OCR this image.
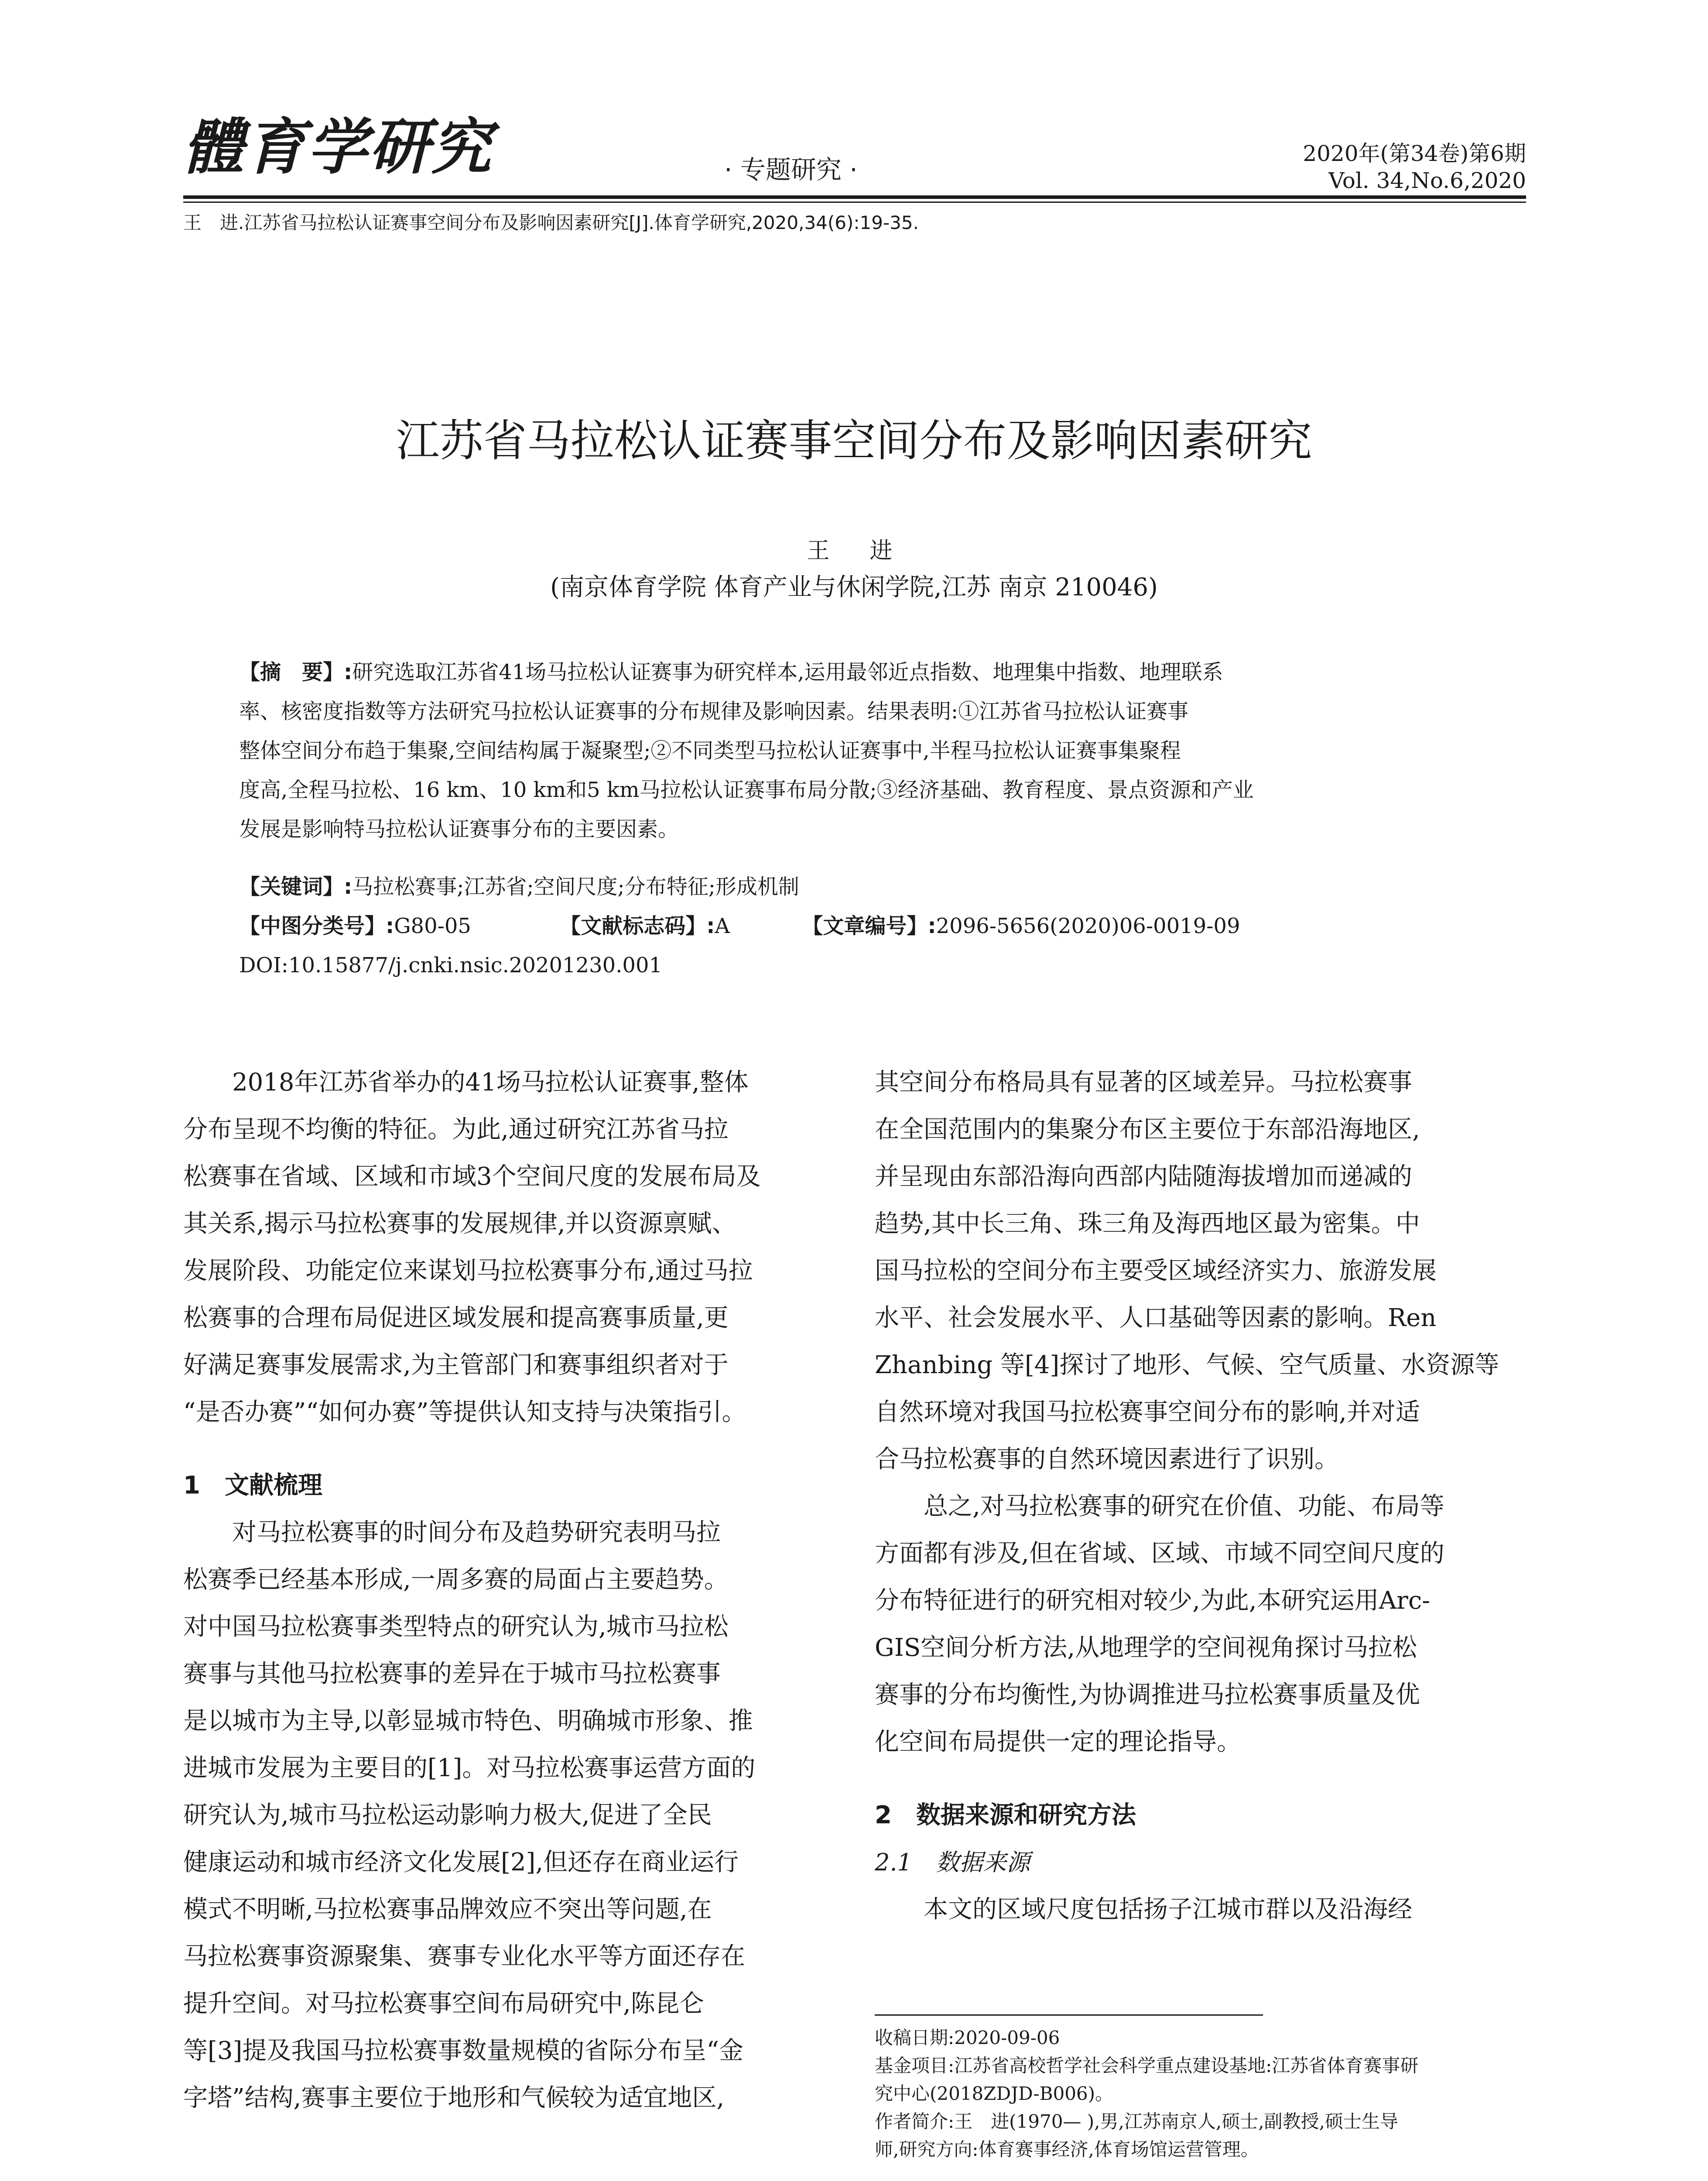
體育学研究	· 专题研究 ·
2020年(第34卷)第6期
Vol. 34,No.6,2020
王　进.江苏省马拉松认证赛事空间分布及影响因素研究[J].体育学研究,2020,34(6):19-35.
江苏省马拉松认证赛事空间分布及影响因素研究
王　进
(南京体育学院 体育产业与休闲学院,江苏 南京 210046)
【摘　要】:研究选取江苏省41场马拉松认证赛事为研究样本,运用最邻近点指数、地理集中指数、地理联系
率、核密度指数等方法研究马拉松认证赛事的分布规律及影响因素。结果表明:①江苏省马拉松认证赛事
整体空间分布趋于集聚,空间结构属于凝聚型;②不同类型马拉松认证赛事中,半程马拉松认证赛事集聚程
度高,全程马拉松、16 km、10 km和5 km马拉松认证赛事布局分散;③经济基础、教育程度、景点资源和产业
发展是影响特马拉松认证赛事分布的主要因素。
【关键词】:马拉松赛事;江苏省;空间尺度;分布特征;形成机制
【中图分类号】:G80-05	【文献标志码】:A	【文章编号】:2096-5656(2020)06-0019-09
DOI:10.15877/j.cnki.nsic.20201230.001
2018年江苏省举办的41场马拉松认证赛事,整体
分布呈现不均衡的特征。为此,通过研究江苏省马拉
松赛事在省域、区域和市域3个空间尺度的发展布局及
其关系,揭示马拉松赛事的发展规律,并以资源禀赋、
发展阶段、功能定位来谋划马拉松赛事分布,通过马拉
松赛事的合理布局促进区域发展和提高赛事质量,更
好满足赛事发展需求,为主管部门和赛事组织者对于
“是否办赛”“如何办赛”等提供认知支持与决策指引。
1　文献梳理
对马拉松赛事的时间分布及趋势研究表明马拉
松赛季已经基本形成,一周多赛的局面占主要趋势。
对中国马拉松赛事类型特点的研究认为,城市马拉松
赛事与其他马拉松赛事的差异在于城市马拉松赛事
是以城市为主导,以彰显城市特色、明确城市形象、推
进城市发展为主要目的[1]。对马拉松赛事运营方面的
研究认为,城市马拉松运动影响力极大,促进了全民
健康运动和城市经济文化发展[2],但还存在商业运行
模式不明晰,马拉松赛事品牌效应不突出等问题,在
马拉松赛事资源聚集、赛事专业化水平等方面还存在
提升空间。对马拉松赛事空间布局研究中,陈昆仑
等[3]提及我国马拉松赛事数量规模的省际分布呈“金
字塔”结构,赛事主要位于地形和气候较为适宜地区,
其空间分布格局具有显著的区域差异。马拉松赛事
在全国范围内的集聚分布区主要位于东部沿海地区,
并呈现由东部沿海向西部内陆随海拔增加而递减的
趋势,其中长三角、珠三角及海西地区最为密集。中
国马拉松的空间分布主要受区域经济实力、旅游发展
水平、社会发展水平、人口基础等因素的影响。Ren
Zhanbing 等[4]探讨了地形、气候、空气质量、水资源等
自然环境对我国马拉松赛事空间分布的影响,并对适
合马拉松赛事的自然环境因素进行了识别。
总之,对马拉松赛事的研究在价值、功能、布局等
方面都有涉及,但在省域、区域、市域不同空间尺度的
分布特征进行的研究相对较少,为此,本研究运用Arc-
GIS空间分析方法,从地理学的空间视角探讨马拉松
赛事的分布均衡性,为协调推进马拉松赛事质量及优
化空间布局提供一定的理论指导。
2　数据来源和研究方法
2.1　数据来源
本文的区域尺度包括扬子江城市群以及沿海经
收稿日期:2020-09-06
基金项目:江苏省高校哲学社会科学重点建设基地:江苏省体育赛事研
究中心(2018ZDJD-B006)。
作者简介:王　进(1970— ),男,江苏南京人,硕士,副教授,硕士生导
师,研究方向:体育赛事经济,体育场馆运营管理。
